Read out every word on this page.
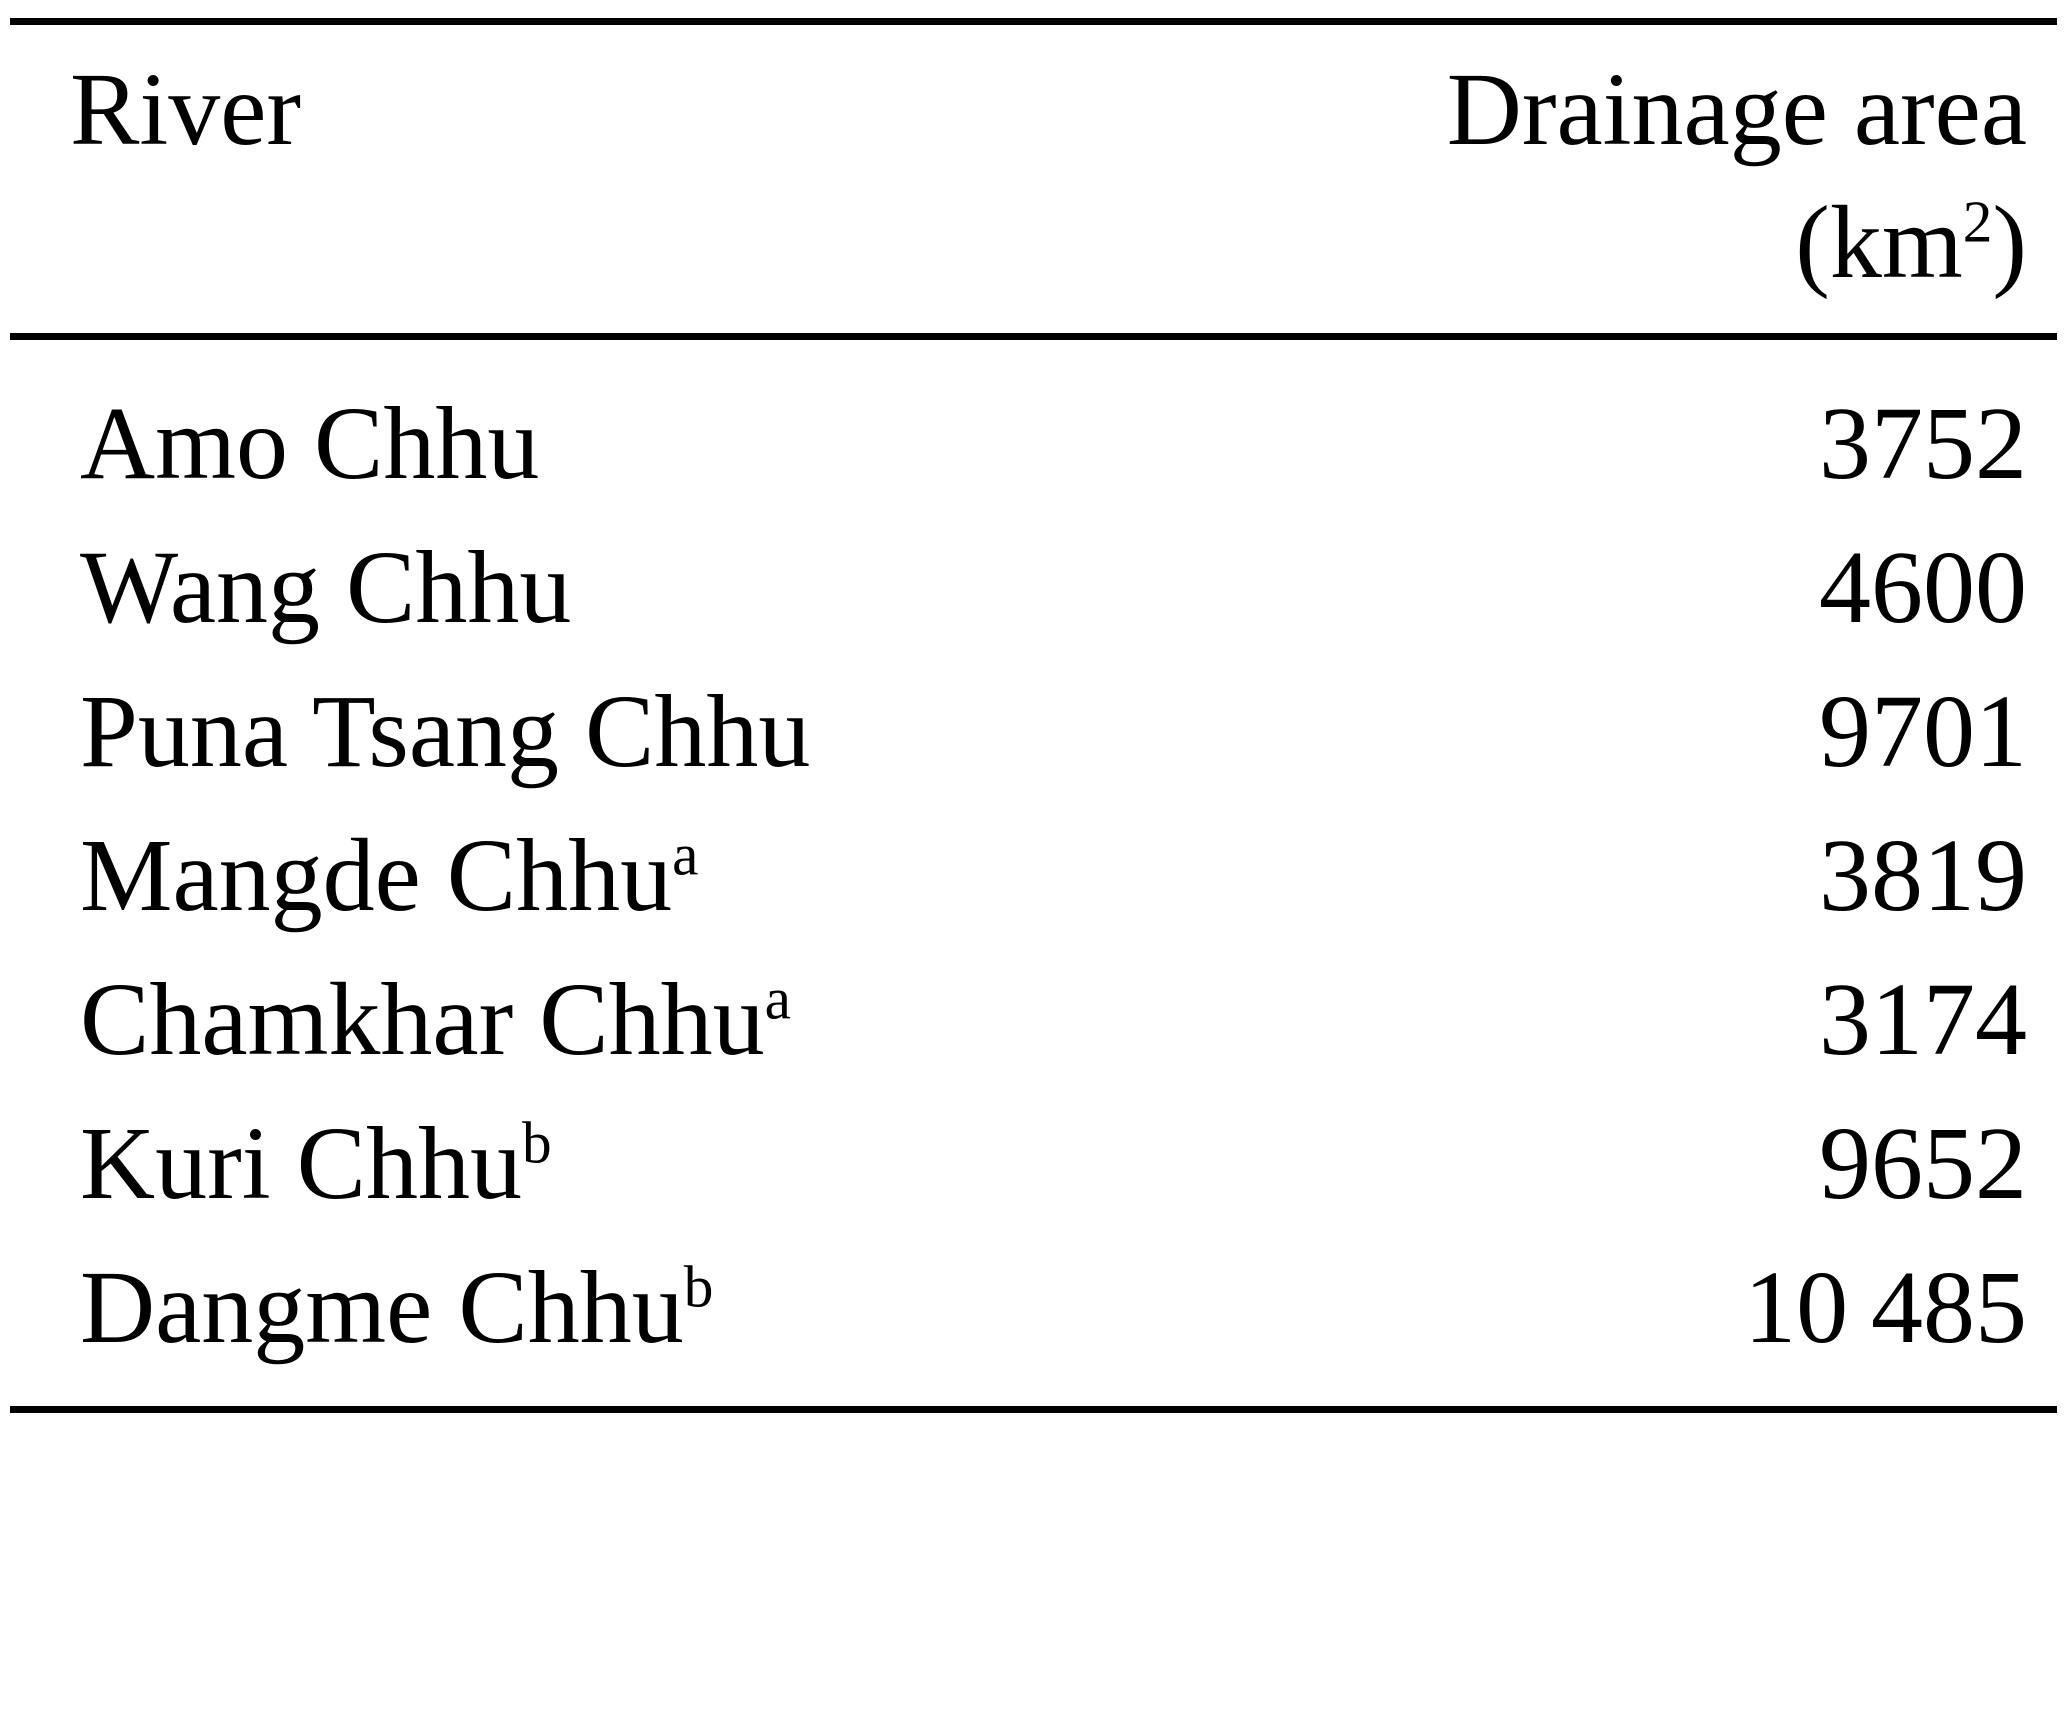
River	Drainage area
$(km^2)$
Amo Chhu	3752
Wang Chhu	4600
Puna Tsang Chhu	9701
Mangde Chhu$^a$	3819
Chamkhar Chhu$^a$	3174
Kuri Chhu$^b$	9652
Dangme Chhu$^b$	10 485
